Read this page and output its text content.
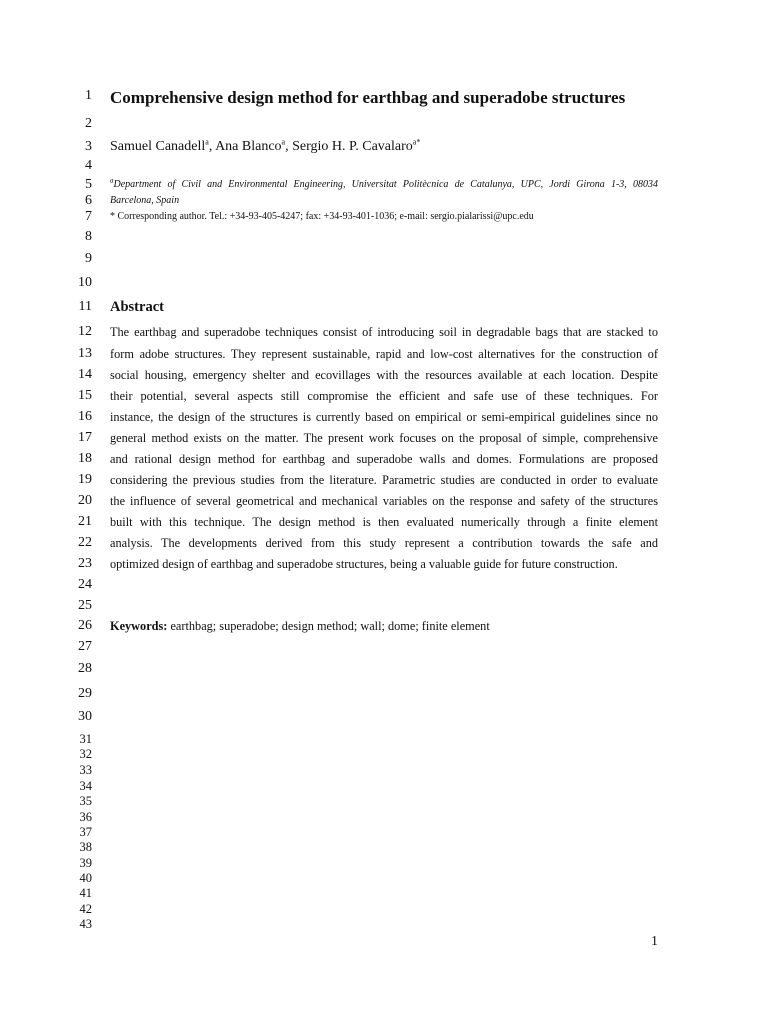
1
2
3
4
5
6
7
8
9
10
11
12
13
14
15
16
17
18
19
20
21
22
23
24
25
26
27
28
29
30
31
32
33
34
35
36
37
38
39
40
41
42
43
Comprehensive design method for earthbag and superadobe structures
Samuel Canadell$^a$, Ana Blanco$^a$, Sergio H. P. Cavalaro$^{a*}$
$^a$Department of Civil and Environmental Engineering, Universitat Politècnica de Catalunya, UPC, Jordi Girona 1-3, 08034
Barcelona, Spain
* Corresponding author. Tel.: +34-93-405-4247; fax: +34-93-401-1036; e-mail: sergio.pialarissi@upc.edu
Abstract
The earthbag and superadobe techniques consist of introducing soil in degradable bags that are stacked to
form adobe structures. They represent sustainable, rapid and low-cost alternatives for the construction of
social housing, emergency shelter and ecovillages with the resources available at each location. Despite
their potential, several aspects still compromise the efficient and safe use of these techniques. For
instance, the design of the structures is currently based on empirical or semi-empirical guidelines since no
general method exists on the matter. The present work focuses on the proposal of simple, comprehensive
and rational design method for earthbag and superadobe walls and domes. Formulations are proposed
considering the previous studies from the literature. Parametric studies are conducted in order to evaluate
the influence of several geometrical and mechanical variables on the response and safety of the structures
built with this technique. The design method is then evaluated numerically through a finite element
analysis. The developments derived from this study represent a contribution towards the safe and
optimized design of earthbag and superadobe structures, being a valuable guide for future construction.
Keywords: earthbag; superadobe; design method; wall; dome; finite element
1
